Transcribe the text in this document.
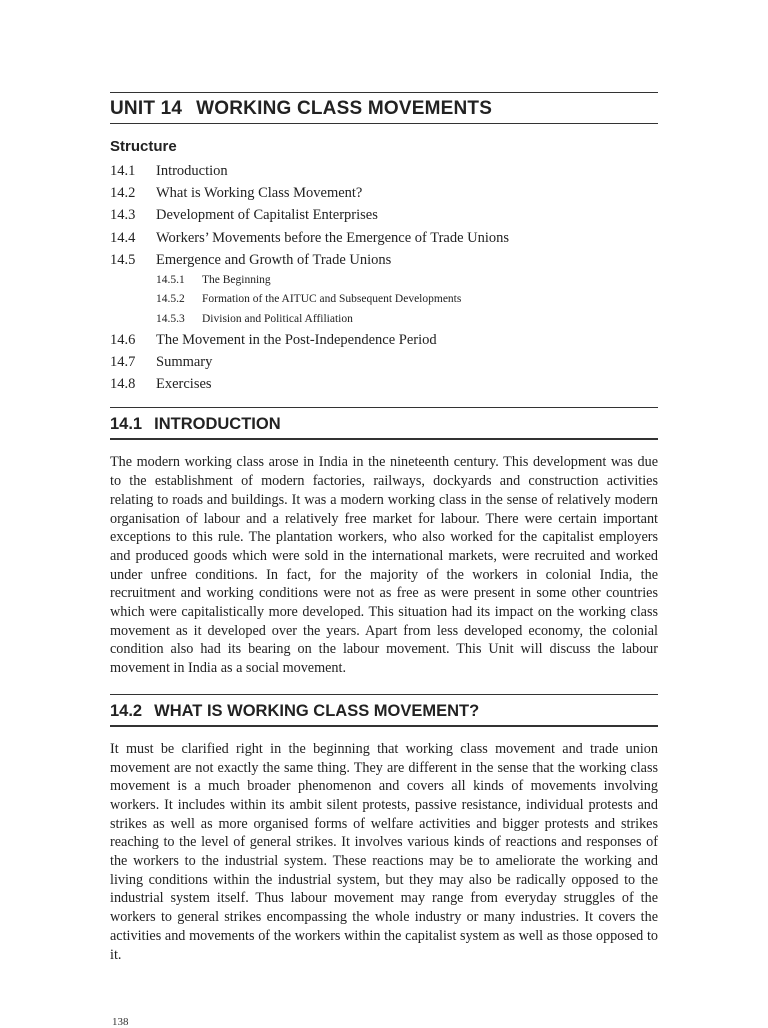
UNIT 14 WORKING CLASS MOVEMENTS
Structure
14.1	Introduction
14.2	What is Working Class Movement?
14.3	Development of Capitalist Enterprises
14.4	Workers’ Movements before the Emergence of Trade Unions
14.5	Emergence and Growth of Trade Unions
14.5.1	The Beginning
14.5.2	Formation of the AITUC and Subsequent Developments
14.5.3	Division and Political Affiliation
14.6	The Movement in the Post-Independence Period
14.7	Summary
14.8	Exercises
14.1 INTRODUCTION

The modern working class arose in India in the nineteenth century. This development was due to the establishment of modern factories, railways, dockyards and construction activities relating to roads and buildings. It was a modern working class in the sense of relatively modern organisation of labour and a relatively free market for labour. There were certain important exceptions to this rule. The plantation workers, who also worked for the capitalist employers and produced goods which were sold in the international markets, were recruited and worked under unfree conditions. In fact, for the majority of the workers in colonial India, the recruitment and working conditions were not as free as were present in some other countries which were capitalistically more developed. This situation had its impact on the working class movement as it developed over the years. Apart from less developed economy, the colonial condition also had its bearing on the labour movement. This Unit will discuss the labour movement in India as a social movement.

14.2 WHAT IS WORKING CLASS MOVEMENT?

It must be clarified right in the beginning that working class movement and trade union movement are not exactly the same thing. They are different in the sense that the working class movement is a much broader phenomenon and covers all kinds of movements involving workers. It includes within its ambit silent protests, passive resistance, individual protests and strikes as well as more organised forms of welfare activities and bigger protests and strikes reaching to the level of general strikes. It involves various kinds of reactions and responses of the workers to the industrial system. These reactions may be to ameliorate the working and living conditions within the industrial system, but they may also be radically opposed to the industrial system itself. Thus labour movement may range from everyday struggles of the workers to general strikes encompassing the whole industry or many industries. It covers the activities and movements of the workers within the capitalist system as well as those opposed to it.

138
